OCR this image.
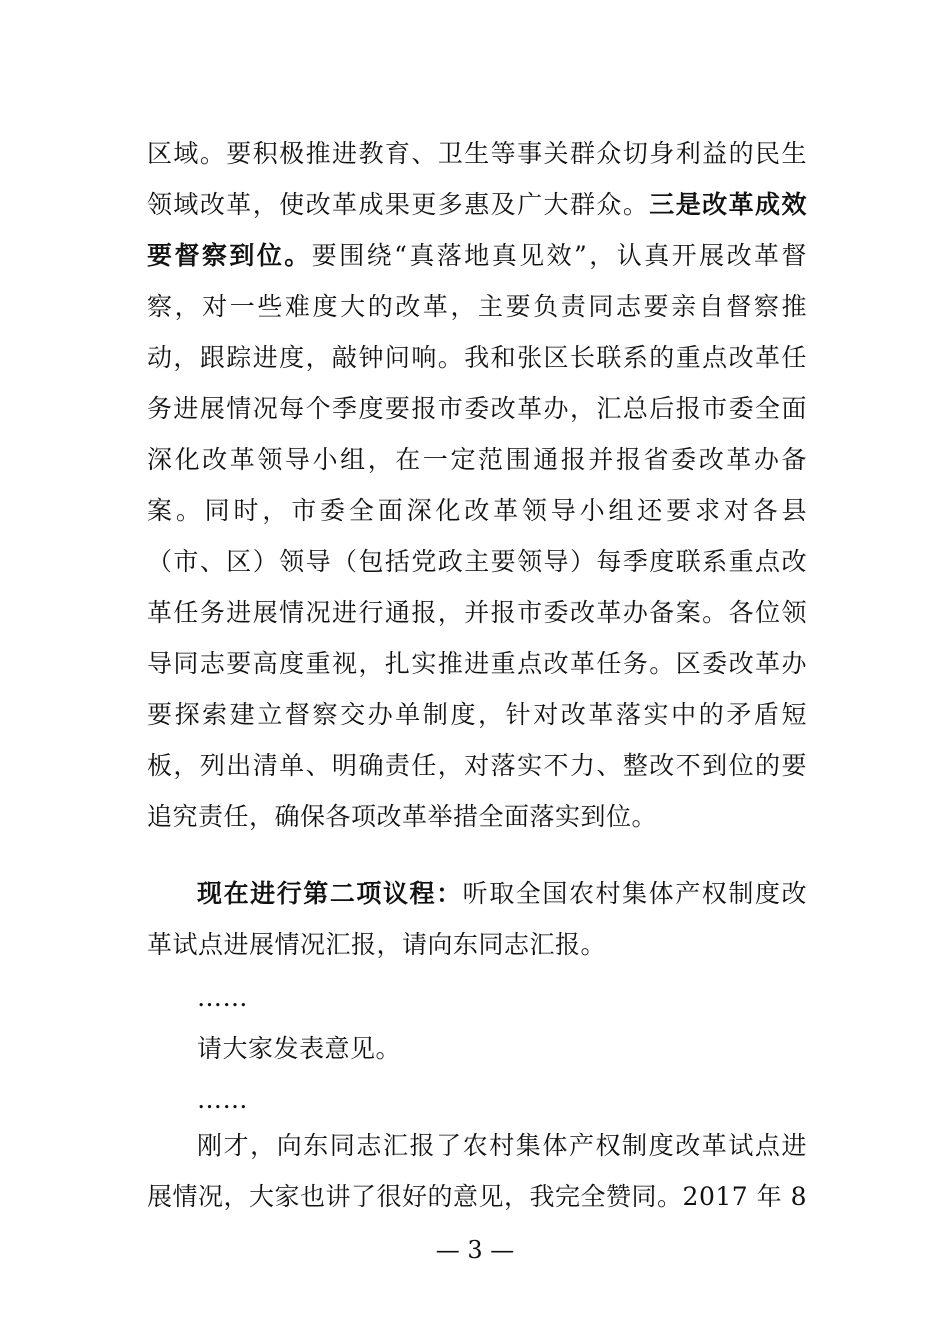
区域。要积极推进教育、卫生等事关群众切身利益的民生
领域改革，使改革成果更多惠及广大群众。三是改革成效
要督察到位。要围绕“真落地真见效”，认真开展改革督
察，对一些难度大的改革，主要负责同志要亲自督察推
动，跟踪进度，敲钟问响。我和张区长联系的重点改革任
务进展情况每个季度要报市委改革办，汇总后报市委全面
深化改革领导小组，在一定范围通报并报省委改革办备
案。同时，市委全面深化改革领导小组还要求对各县
（市、区）领导（包括党政主要领导）每季度联系重点改
革任务进展情况进行通报，并报市委改革办备案。各位领
导同志要高度重视，扎实推进重点改革任务。区委改革办
要探索建立督察交办单制度，针对改革落实中的矛盾短
板，列出清单、明确责任，对落实不力、整改不到位的要
追究责任，确保各项改革举措全面落实到位。
现在进行第二项议程：听取全国农村集体产权制度改
革试点进展情况汇报，请向东同志汇报。
……
请大家发表意见。
……
刚才，向东同志汇报了农村集体产权制度改革试点进
展情况，大家也讲了很好的意见，我完全赞同。2017 年 8
— 3 —
